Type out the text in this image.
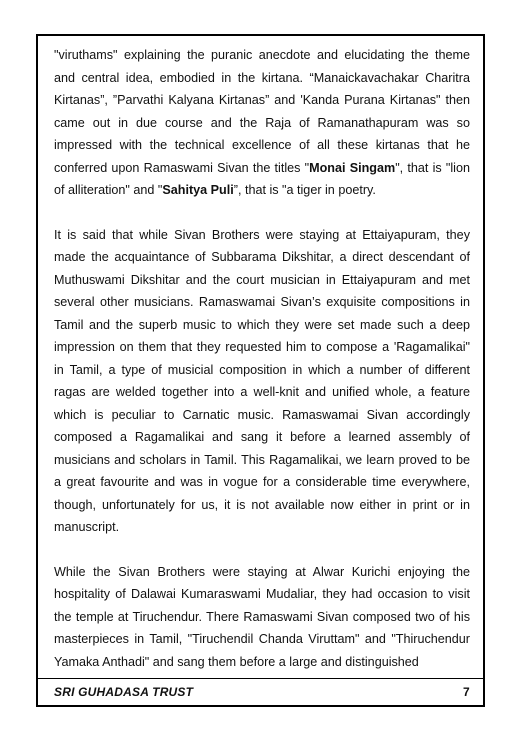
"viruthams" explaining the puranic anecdote and elucidating the theme and central idea, embodied in the kirtana. “Manaickavachakar Charitra Kirtanas”, ”Parvathi Kalyana Kirtanas” and 'Kanda Purana Kirtanas" then came out in due course and the Raja of Ramanathapuram was so impressed with the technical excellence of all these kirtanas that he conferred upon Ramaswami Sivan the titles "Monai Singam", that is "lion of alliteration" and "Sahitya Puli”, that is "a tiger in poetry.

It is said that while Sivan Brothers were staying at Ettaiyapuram, they made the acquaintance of Subbarama Dikshitar, a direct descendant of Muthuswami Dikshitar and the court musician in Ettaiyapuram and met several other musicians. Ramaswamai Sivan’s exquisite compositions in Tamil and the superb music to which they were set made such a deep impression on them that they requested him to compose a 'Ragamalikai" in Tamil, a type of musicial composition in which a number of different ragas are welded together into a well-knit and unified whole, a feature which is peculiar to Carnatic music. Ramaswamai Sivan accordingly composed a Ragamalikai and sang it before a learned assembly of musicians and scholars in Tamil. This Ragamalikai, we learn proved to be a great favourite and was in vogue for a considerable time everywhere, though, unfortunately for us, it is not available now either in print or in manuscript.

While the Sivan Brothers were staying at Alwar Kurichi enjoying the hospitality of Dalawai Kumaraswami Mudaliar, they had occasion to visit the temple at Tiruchendur. There Ramaswami Sivan composed two of his masterpieces in Tamil, "Tiruchendil Chanda Viruttam" and "Thiruchendur Yamaka Anthadi" and sang them before a large and distinguished

SRI GUHADASA TRUST	7
